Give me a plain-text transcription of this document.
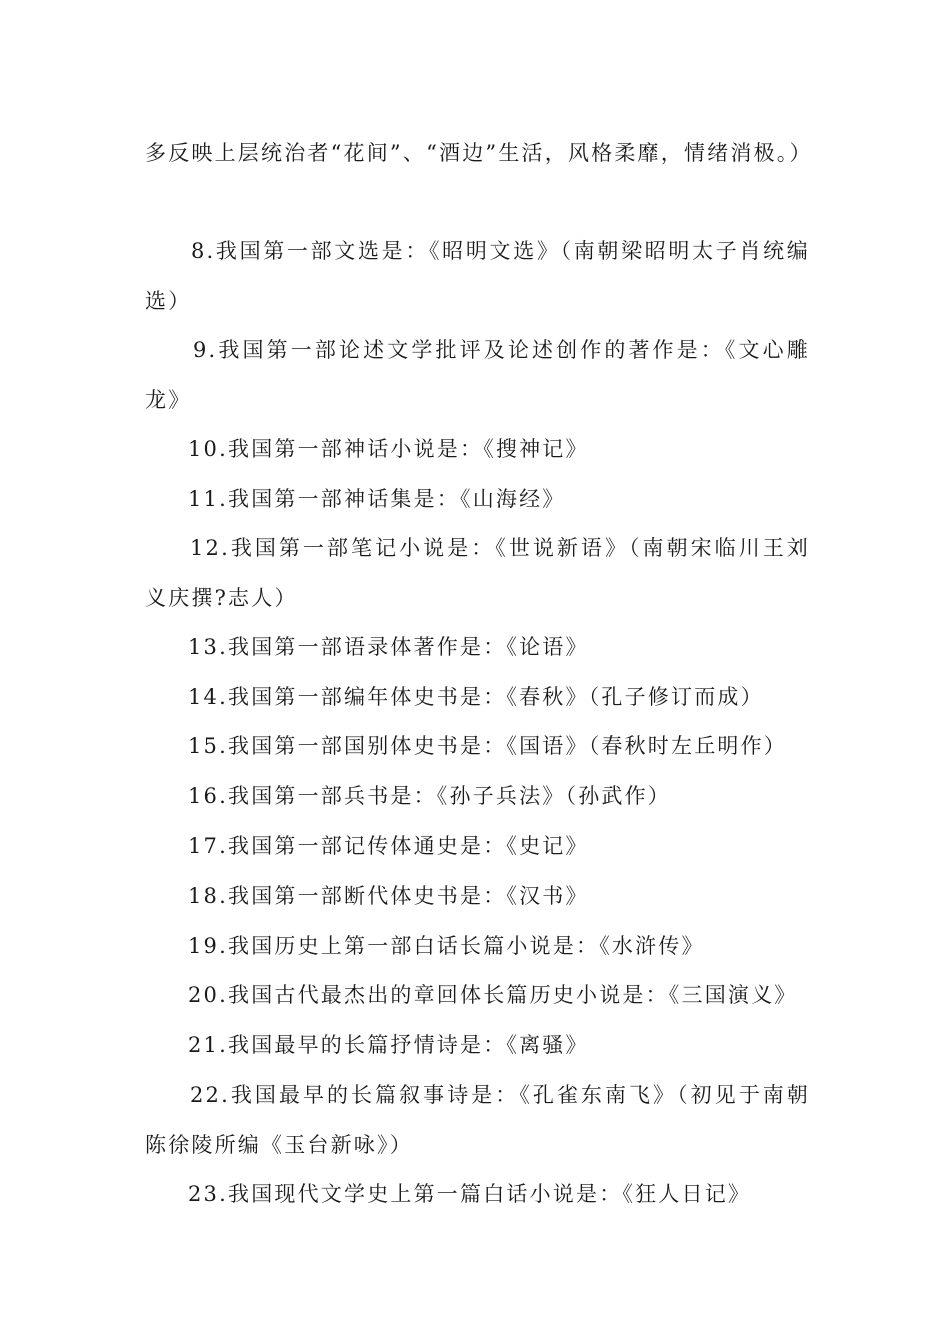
多反映上层统治者“花间”、“酒边”生活，风格柔靡，情绪消极。）

8.我国第一部文选是：《昭明文选》（南朝梁昭明太子肖统编选）

9.我国第一部论述文学批评及论述创作的著作是：《文心雕龙》

10.我国第一部神话小说是：《搜神记》

11.我国第一部神话集是：《山海经》

12.我国第一部笔记小说是：《世说新语》（南朝宋临川王刘义庆撰?志人）

13.我国第一部语录体著作是：《论语》

14.我国第一部编年体史书是：《春秋》（孔子修订而成）

15.我国第一部国别体史书是：《国语》（春秋时左丘明作）

16.我国第一部兵书是：《孙子兵法》（孙武作）

17.我国第一部记传体通史是：《史记》

18.我国第一部断代体史书是：《汉书》

19.我国历史上第一部白话长篇小说是：《水浒传》

20.我国古代最杰出的章回体长篇历史小说是：《三国演义》

21.我国最早的长篇抒情诗是：《离骚》

22.我国最早的长篇叙事诗是：《孔雀东南飞》（初见于南朝陈徐陵所编《玉台新咏》）

23.我国现代文学史上第一篇白话小说是：《狂人日记》
